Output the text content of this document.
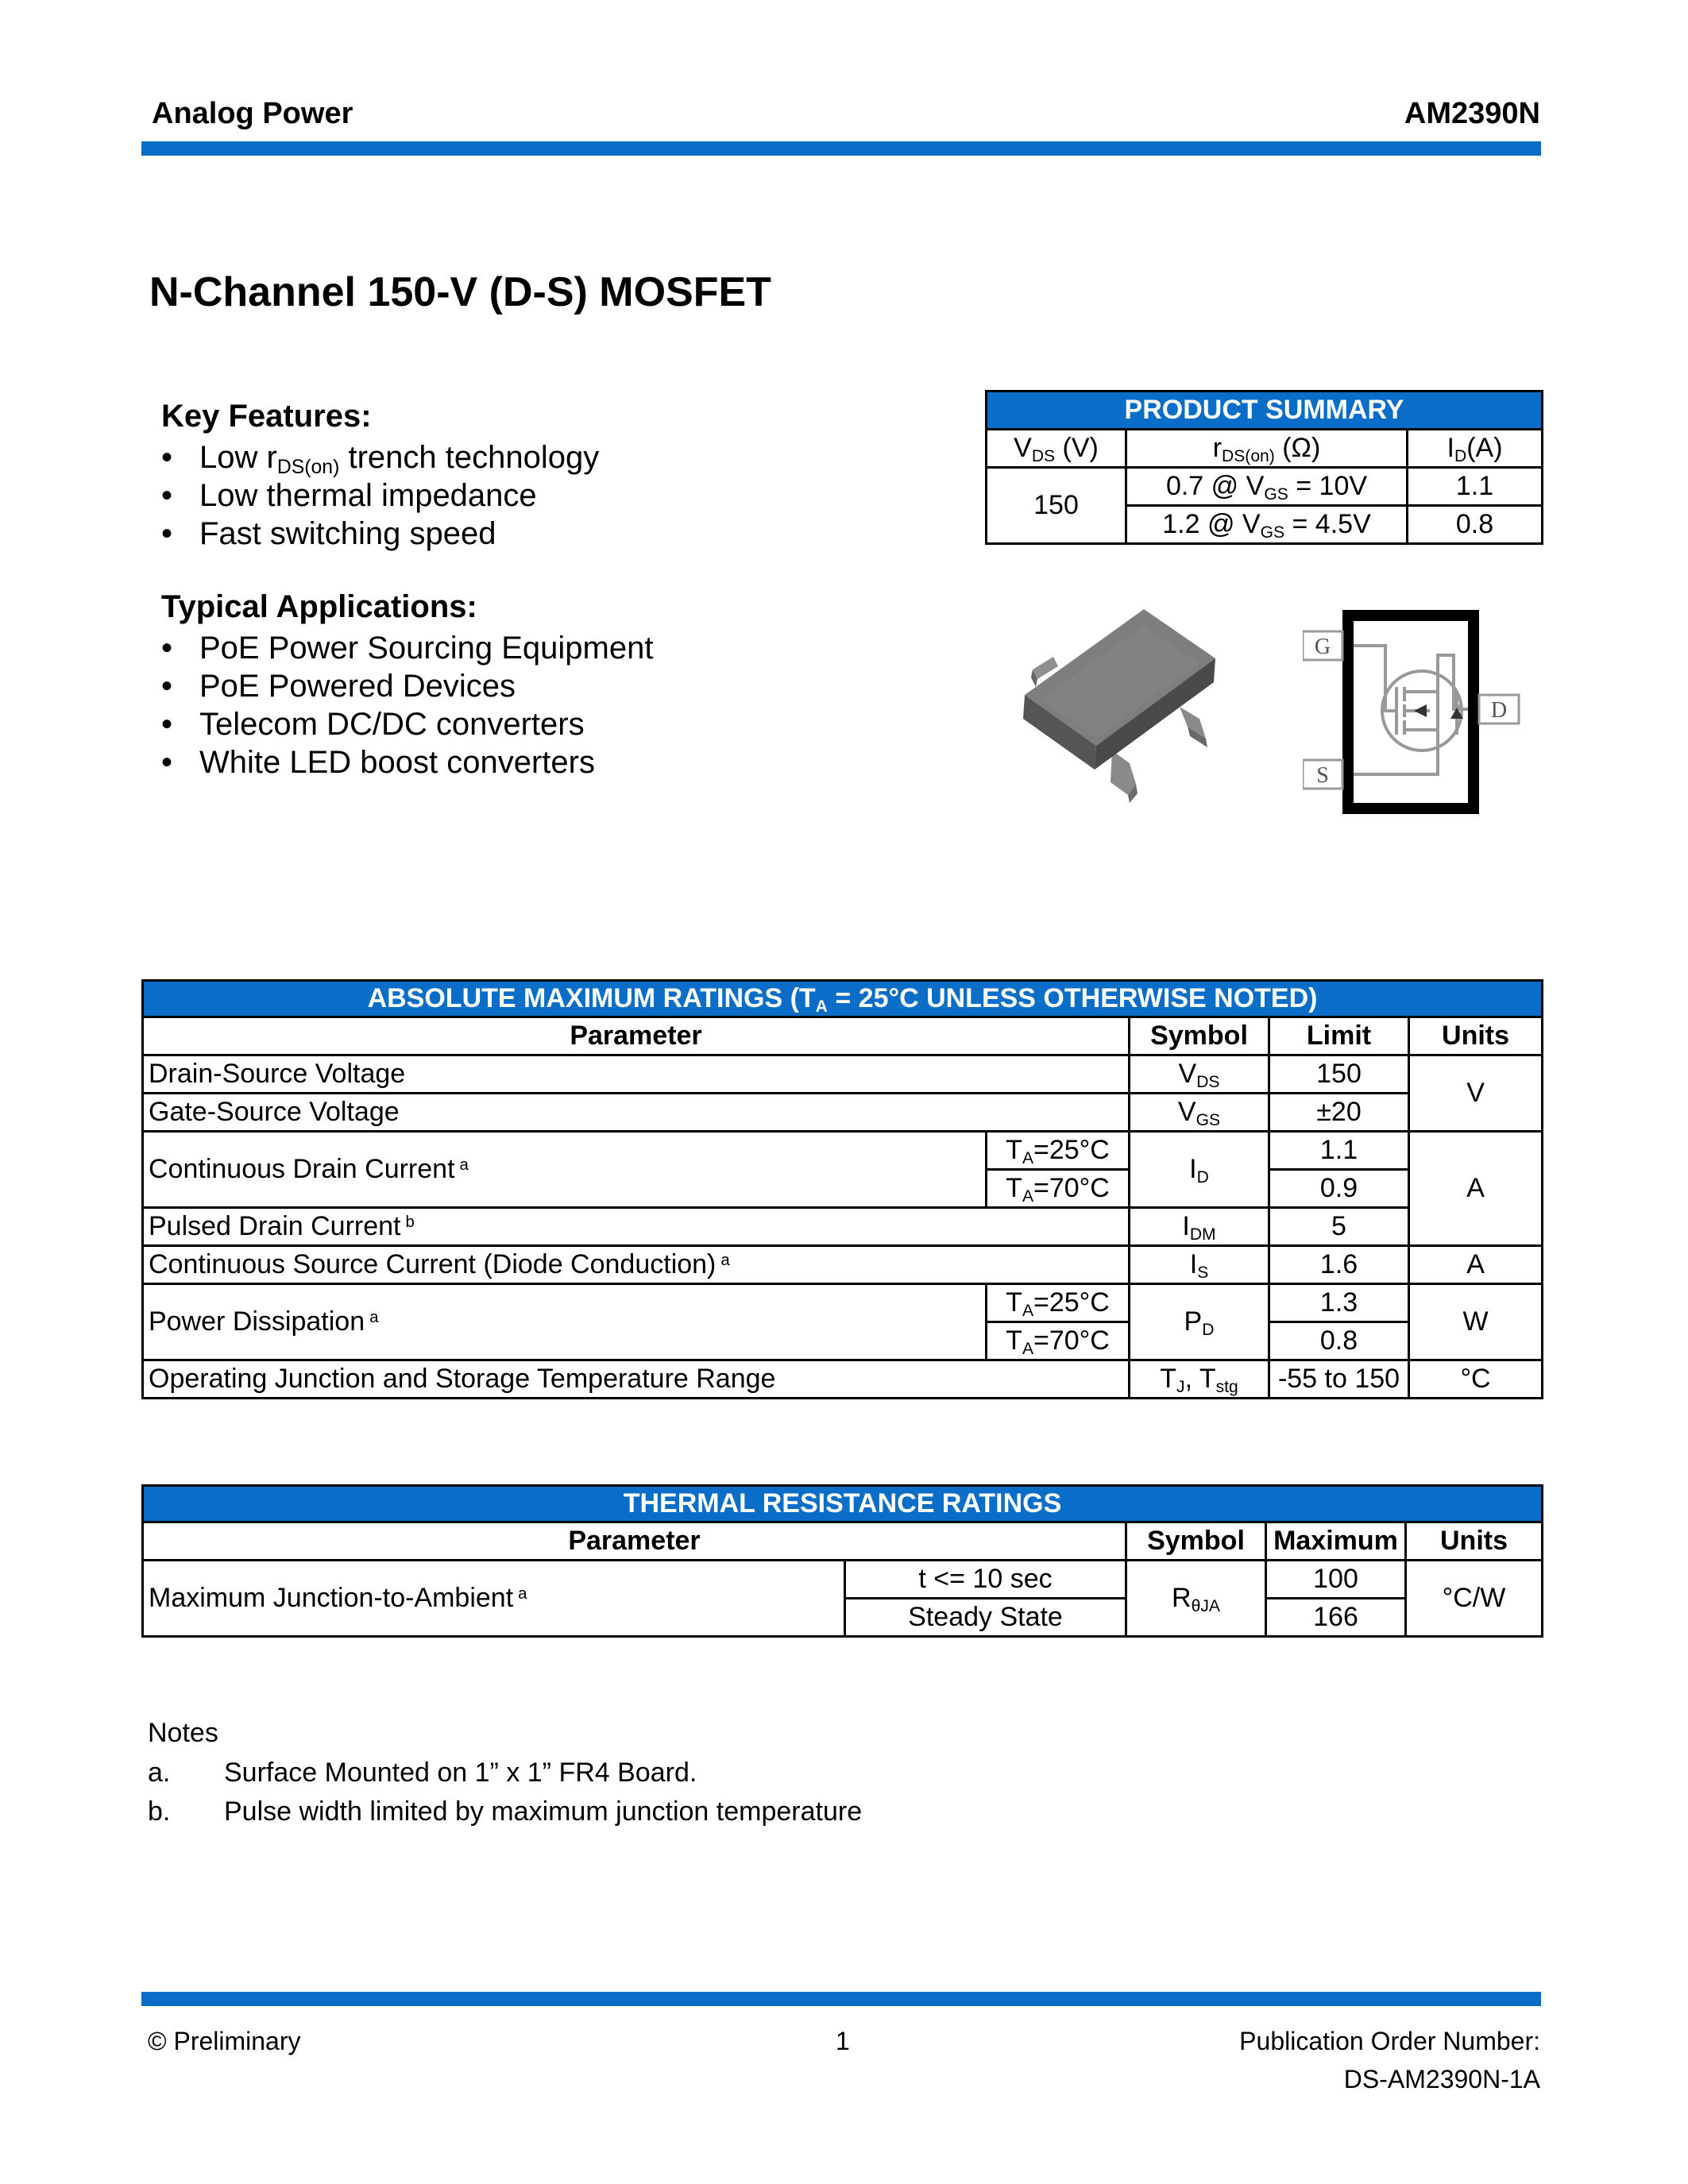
Analog Power	AM2390N
N-Channel 150-V (D-S) MOSFET
Key Features:
• Low $r_{DS(on)}$ trench technology
• Low thermal impedance
• Fast switching speed
Typical Applications:
• PoE Power Sourcing Equipment
• PoE Powered Devices
• Telecom DC/DC converters
• White LED boost converters
PRODUCT SUMMARY		
$V_{DS}$ (V)	$r_{DS(on)}$ (Ω)	$I_D(A)$
150	0.7 @ $V_{GS} = 10V$	1.1
	1.2 @ $V_{GS} = 4.5V$	0.8
G
S
D
ABSOLUTE MAXIMUM RATINGS ($T_A = 25^\circ C$ UNLESS OTHERWISE NOTED)				
Parameter		Symbol	Limit	Units
Drain-Source Voltage		$V_{DS}$	150	V
Gate-Source Voltage		$V_{GS}$	±20	
Continuous Drain Current $^a$	$T_A=25^\circ C$	$I_D$	1.1	A
	$T_A=70^\circ C$		0.9	
Pulsed Drain Current $^b$		$I_{DM}$	5	
Continuous Source Current (Diode Conduction) $^a$		$I_S$	1.6	A
Power Dissipation $^a$	$T_A=25^\circ C$	$P_D$	1.3	W
	$T_A=70^\circ C$		0.8	
Operating Junction and Storage Temperature Range		$T_J$, $T_{stg}$	-55 to 150	°C
THERMAL RESISTANCE RATINGS				
Parameter		Symbol	Maximum	Units
Maximum Junction-to-Ambient $^a$	t <= 10 sec	$R_{\theta JA}$	100	°C/W
	Steady State		166	
Notes
a. Surface Mounted on 1” x 1” FR4 Board.
b. Pulse width limited by maximum junction temperature
© Preliminary	1	Publication Order Number:
DS-AM2390N-1A
